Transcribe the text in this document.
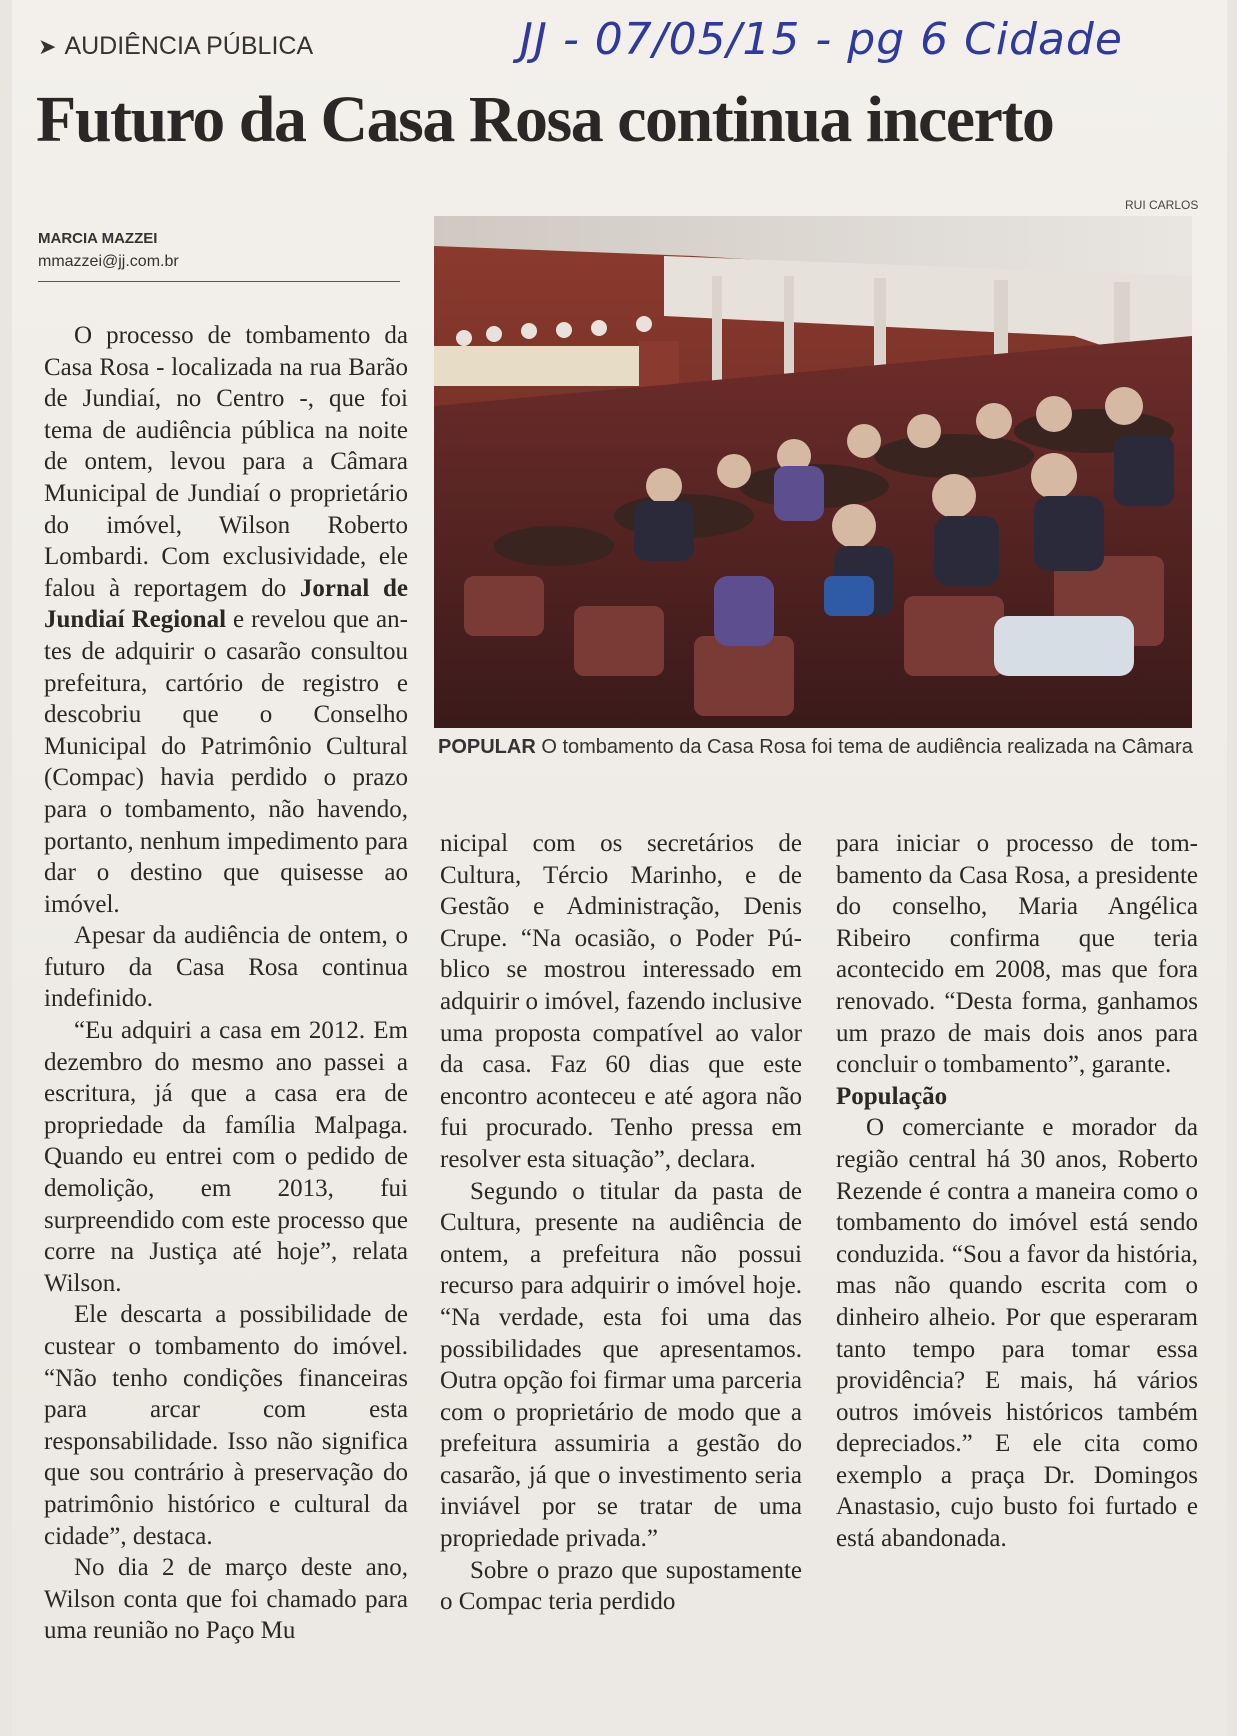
JJ - 07/05/15 - pg 6 Cidade
➤ AUDIÊNCIA PÚBLICA
Futuro da Casa Rosa continua incerto
MARCIA MAZZEI
mmazzei@jj.com.br
RUI CARLOS
POPULAR O tombamento da Casa Rosa foi tema de audiência realizada na Câmara

O processo de tombamento da Casa Rosa - localizada na rua Barão de Jundiaí, no Centro -, que foi tema de audiência pública na noite de ontem, levou para a Câmara Municipal de Jundiaí o proprietário do imóvel, Wilson Roberto Lombardi. Com exclusividade, ele falou à reportagem do Jornal de Jundiaí Regional e revelou que antes de adquirir o casarão consultou prefeitura, cartório de registro e descobriu que o Conselho Municipal do Patrimônio Cultural (Compac) havia perdido o prazo para o tombamento, não havendo, portanto, nenhum impedimento para dar o destino que quisesse ao imóvel.

Apesar da audiência de ontem, o futuro da Casa Rosa continua indefinido.

“Eu adquiri a casa em 2012. Em dezembro do mesmo ano passei a escritura, já que a casa era de propriedade da família Malpaga. Quando eu entrei com o pedido de demolição, em 2013, fui surpreendido com este processo que corre na Justiça até hoje”, relata Wilson.

Ele descarta a possibilidade de custear o tombamento do imóvel. “Não tenho condições financeiras para arcar com esta responsabilidade. Isso não significa que sou contrário à preservação do patrimônio histórico e cultural da cidade”, destaca.

No dia 2 de março deste ano, Wilson conta que foi chamado para uma reunião no Paço Mu

nicipal com os secretários de Cultura, Tércio Marinho, e de Gestão e Administração, Denis Crupe. “Na ocasião, o Poder Público se mostrou interessado em adquirir o imóvel, fazendo inclusive uma proposta compatível ao valor da casa. Faz 60 dias que este encontro aconteceu e até agora não fui procurado. Tenho pressa em resolver esta situação”, declara.

Segundo o titular da pasta de Cultura, presente na audiência de ontem, a prefeitura não possui recurso para adquirir o imóvel hoje. “Na verdade, esta foi uma das possibilidades que apresentamos. Outra opção foi firmar uma parceria com o proprietário de modo que a prefeitura assumiria a gestão do casarão, já que o investimento seria inviável por se tratar de uma propriedade privada.”

Sobre o prazo que supostamente o Compac teria perdido

para iniciar o processo de tombamento da Casa Rosa, a presidente do conselho, Maria Angélica Ribeiro confirma que teria acontecido em 2008, mas que fora renovado. “Desta forma, ganhamos um prazo de mais dois anos para concluir o tombamento”, garante.

População

O comerciante e morador da região central há 30 anos, Roberto Rezende é contra a maneira como o tombamento do imóvel está sendo conduzida. “Sou a favor da história, mas não quando escrita com o dinheiro alheio. Por que esperaram tanto tempo para tomar essa providência? E mais, há vários outros imóveis históricos também depreciados.” E ele cita como exemplo a praça Dr. Domingos Anastasio, cujo busto foi furtado e está abandonada.
